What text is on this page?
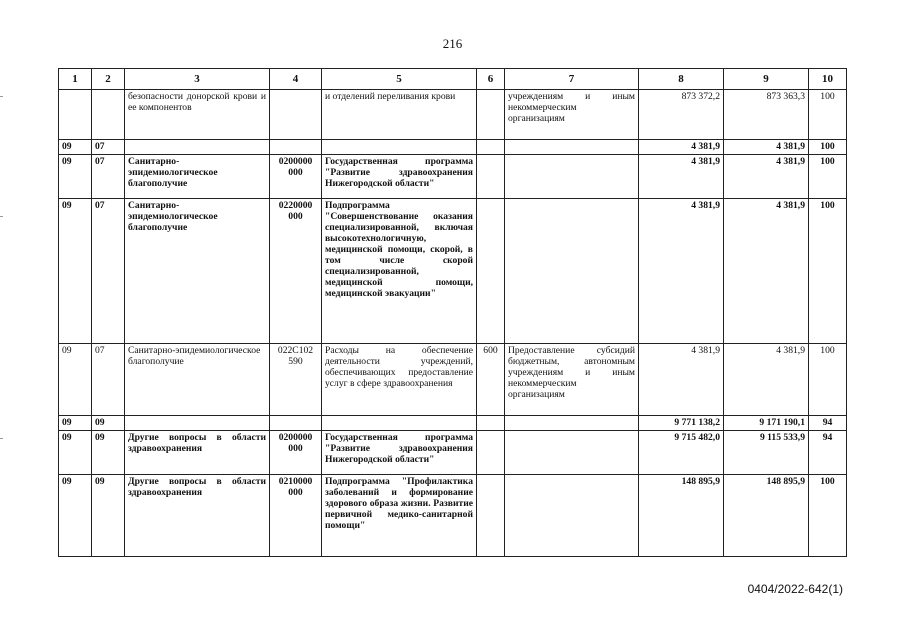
216
1	2	3	4	5	6	7	8	9	10
		безопасности донорской крови и ее компонентов		и отделений переливания крови		учреждениям и иным некоммерческим организациям	873 372,2	873 363,3	100
09	07						4 381,9	4 381,9	100
09	07	Санитарно-эпидемиологическое благополучие	0200000 000	Государственная программа "Развитие здравоохранения Нижегородской области"			4 381,9	4 381,9	100
09	07	Санитарно-эпидемиологическое благополучие	0220000 000	Подпрограмма "Совершенствование оказания специализированной, включая высокотехнологичную, медицинской помощи, скорой, в том числе скорой специализированной, медицинской помощи, медицинской эвакуации"			4 381,9	4 381,9	100
09	07	Санитарно-эпидемиологическое благополучие	022С102 590	Расходы на обеспечение деятельности учреждений, обеспечивающих предоставление услуг в сфере здравоохранения	600	Предоставление субсидий бюджетным, автономным учреждениям и иным некоммерческим организациям	4 381,9	4 381,9	100
09	09						9 771 138,2	9 171 190,1	94
09	09	Другие вопросы в области здравоохранения	0200000 000	Государственная программа "Развитие здравоохранения Нижегородской области"			9 715 482,0	9 115 533,9	94
09	09	Другие вопросы в области здравоохранения	0210000 000	Подпрограмма "Профилактика заболеваний и формирование здорового образа жизни. Развитие первичной медико-санитарной помощи"			148 895,9	148 895,9	100
0404/2022-642(1)
